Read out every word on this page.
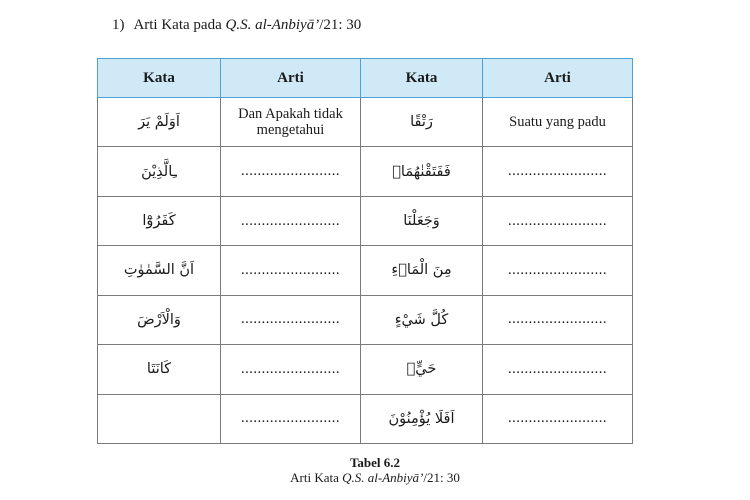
1) Arti Kata pada Q.S. al-Anbiyā’/21: 30
Kata	Arti	Kata	Arti
اَوَلَمْ يَرَ	Dan Apakah tidak mengetahui	رَتْقًا	Suatu yang padu
ـِالَّذِيْنَ	........................	فَفَتَقْنٰهُمَاۗ	........................
كَفَرُوْٓا	........................	وَجَعَلْنَا	........................
اَنَّ السَّمٰوٰتِ	........................	مِنَ الْمَاۤءِ	........................
وَالْاَرْضَ	........................	كُلَّ شَيْءٍ	........................
كَانَتَا	........................	حَيٍّۗ	........................
	........................	اَفَلَا يُؤْمِنُوْنَ	........................
Tabel 6.2
Arti Kata Q.S. al-Anbiyā’/21: 30
